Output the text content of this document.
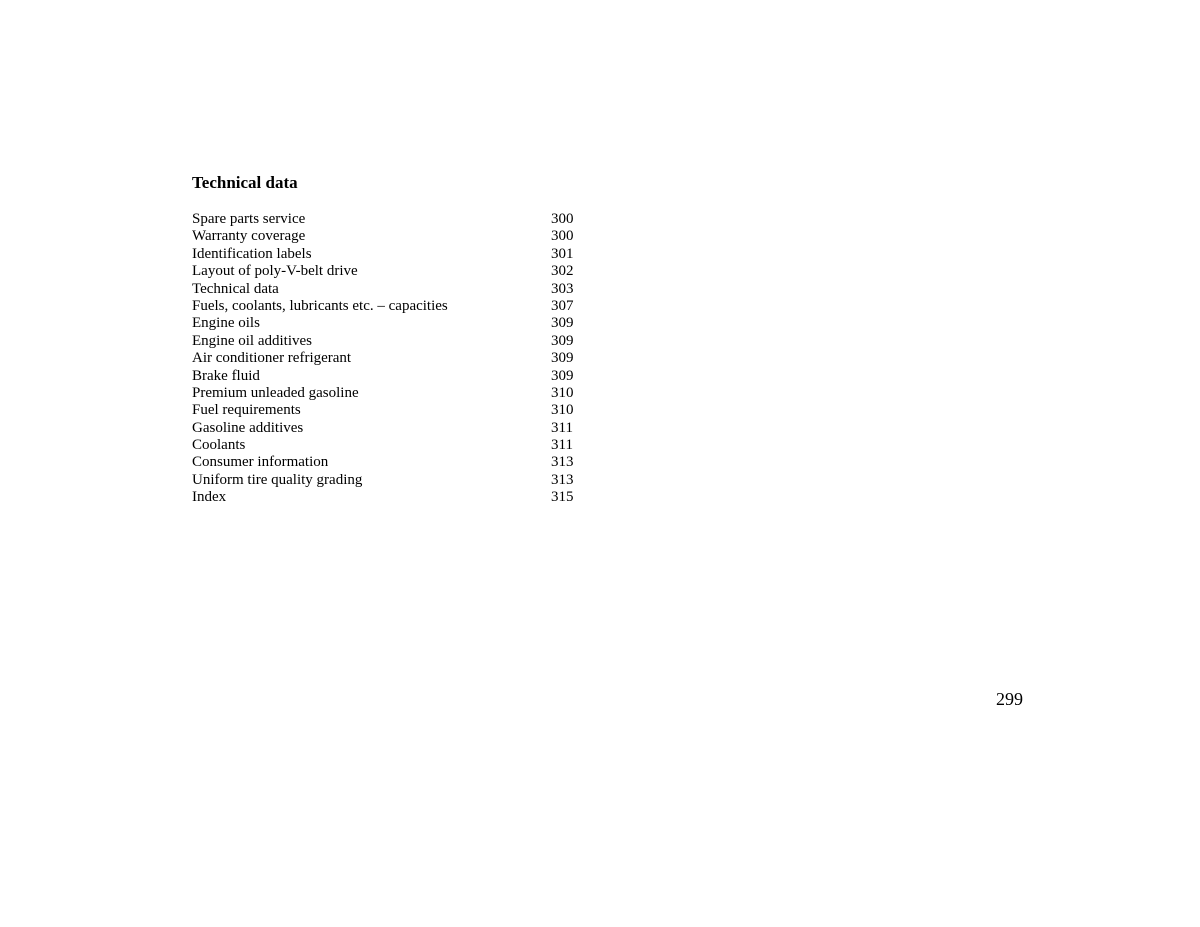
Technical data
Spare parts service	300
Warranty coverage	300
Identification labels	301
Layout of poly-V-belt drive	302
Technical data	303
Fuels, coolants, lubricants etc. – capacities	307
Engine oils	309
Engine oil additives	309
Air conditioner refrigerant	309
Brake fluid	309
Premium unleaded gasoline	310
Fuel requirements	310
Gasoline additives	311
Coolants	311
Consumer information	313
Uniform tire quality grading	313
Index	315
299
